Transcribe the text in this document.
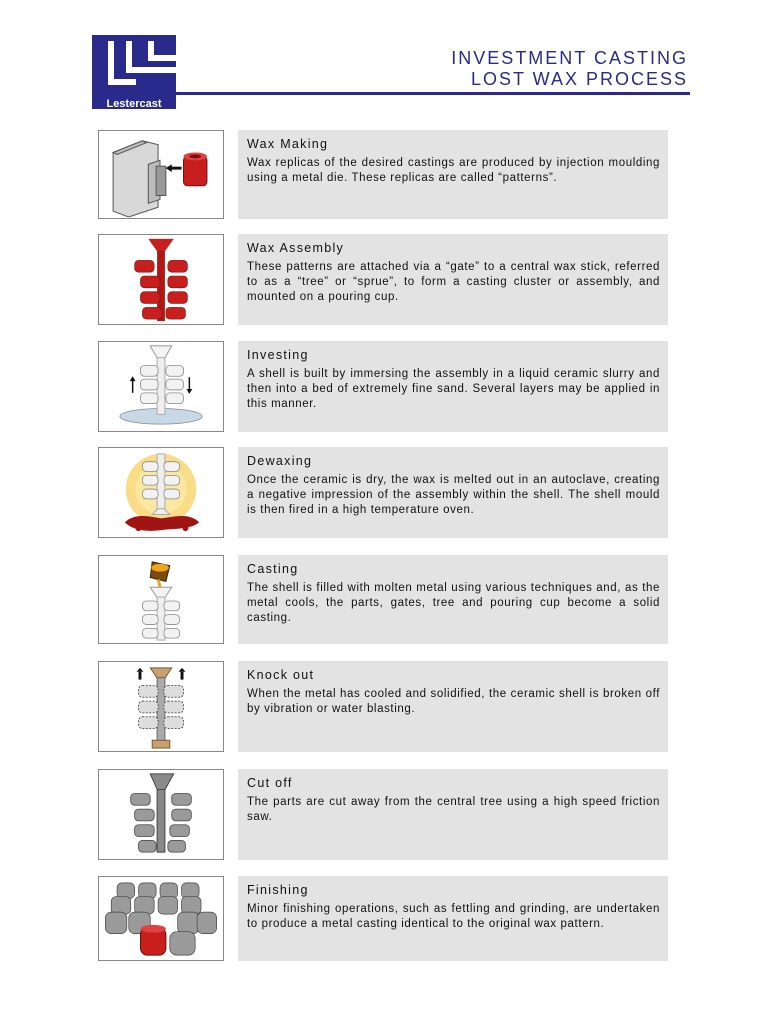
Lestercast
INVESTMENT CASTING
LOST WAX PROCESS

Wax Making

Wax replicas of the desired castings are produced by injection moulding using a metal die. These replicas are called “patterns”.

Wax Assembly

These patterns are attached via a “gate” to a central wax stick, referred to as a “tree” or “sprue”, to form a casting cluster or assembly, and mounted on a pouring cup.

Investing

A shell is built by immersing the assembly in a liquid ceramic slurry and then into a bed of extremely fine sand. Several layers may be applied in this manner.

Dewaxing

Once the ceramic is dry, the wax is melted out in an autoclave, creating a negative impression of the assembly within the shell. The shell mould is then fired in a high temperature oven.

Casting

The shell is filled with molten metal using various techniques and, as the metal cools, the parts, gates, tree and pouring cup become a solid casting.

Knock out

When the metal has cooled and solidified, the ceramic shell is broken off by vibration or water blasting.

Cut off

The parts are cut away from the central tree using a high speed friction saw.

Finishing

Minor finishing operations, such as fettling and grinding, are undertaken to produce a metal casting identical to the original wax pattern.
